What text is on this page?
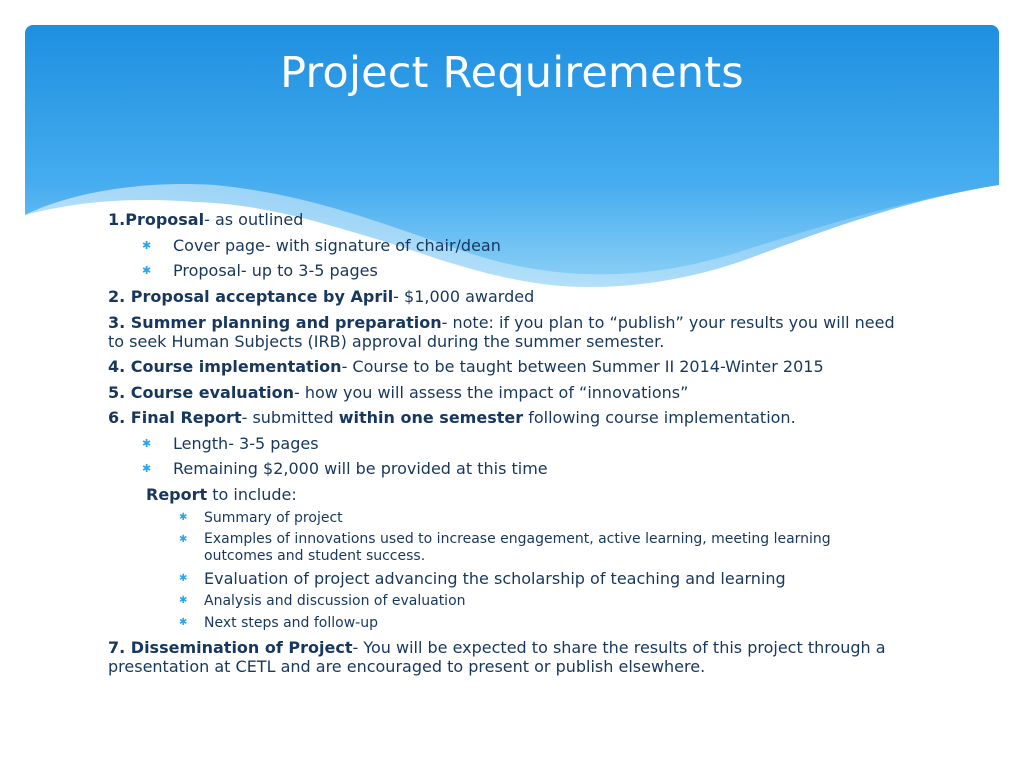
Project Requirements
1.Proposal- as outlined
✱ Cover page- with signature of chair/dean
✱ Proposal- up to 3-5 pages
2. Proposal acceptance by April- $1,000 awarded
3. Summer planning and preparation- note: if you plan to “publish” your results you will need to seek Human Subjects (IRB) approval during the summer semester.
4. Course implementation- Course to be taught between Summer II 2014-Winter 2015
5. Course evaluation- how you will assess the impact of “innovations”
6. Final Report- submitted within one semester following course implementation.
✱ Length- 3-5 pages
✱ Remaining $2,000 will be provided at this time
Report to include:
✱ Summary of project
✱ Examples of innovations used to increase engagement, active learning, meeting learning outcomes and student success.
✱ Evaluation of project advancing the scholarship of teaching and learning
✱ Analysis and discussion of evaluation
✱ Next steps and follow-up
7. Dissemination of Project- You will be expected to share the results of this project through a presentation at CETL and are encouraged to present or publish elsewhere.
